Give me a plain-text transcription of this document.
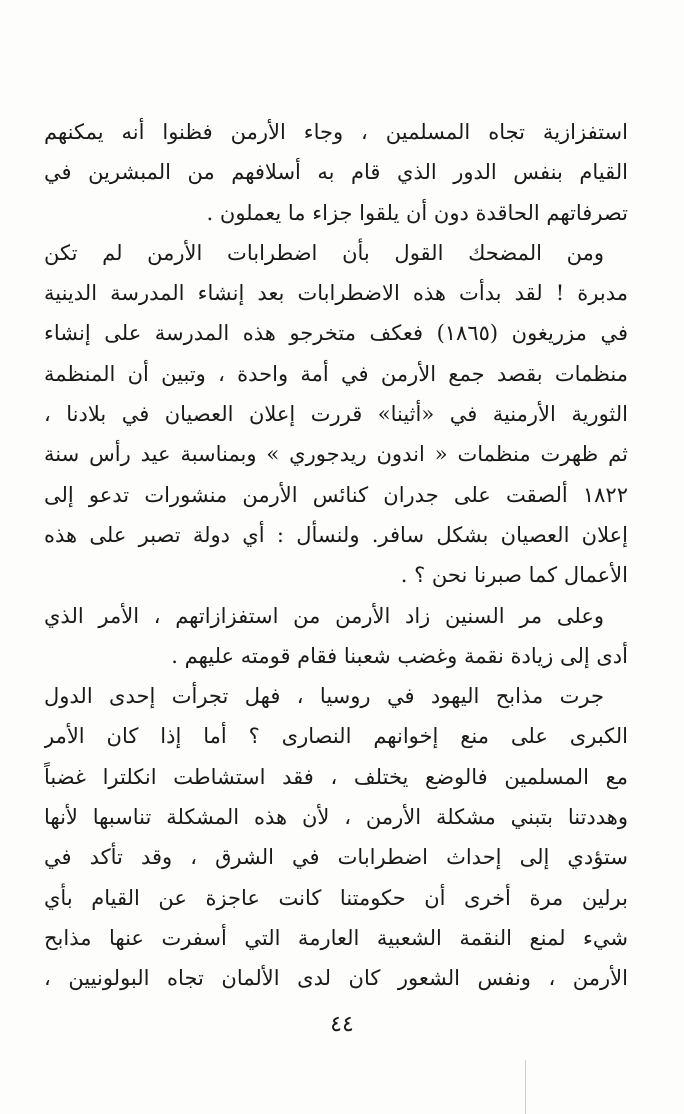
استفزازية تجاه المسلمين ، وجاء الأرمن فظنوا أنه يمكنهم
القيام بنفس الدور الذي قام به أسلافهم من المبشرين في
تصرفاتهم الحاقدة دون أن يلقوا جزاء ما يعملون .
ومن المضحك القول بأن اضطرابات الأرمن لم تكن
مدبرة ! لقد بدأت هذه الاضطرابات بعد إنشاء المدرسة الدينية
في مزريغون (١٨٦٥) فعكف متخرجو هذه المدرسة على إنشاء
منظمات بقصد جمع الأرمن في أمة واحدة ، وتبين أن المنظمة
الثورية الأرمنية في «أثينا» قررت إعلان العصيان في بلادنا ،
ثم ظهرت منظمات « اندون ريدجوري » وبمناسبة عيد رأس سنة
١٨٢٢ ألصقت على جدران كنائس الأرمن منشورات تدعو إلى
إعلان العصيان بشكل سافر. ولنسأل : أي دولة تصبر على هذه
الأعمال كما صبرنا نحن ؟ .
وعلى مر السنين زاد الأرمن من استفزازاتهم ، الأمر الذي
أدى إلى زيادة نقمة وغضب شعبنا فقام قومته عليهم .
جرت مذابح اليهود في روسيا ، فهل تجرأت إحدى الدول
الكبرى على منع إخوانهم النصارى ؟ أما إذا كان الأمر
مع المسلمين فالوضع يختلف ، فقد استشاطت انكلترا غضباً
وهددتنا بتبني مشكلة الأرمن ، لأن هذه المشكلة تناسبها لأنها
ستؤدي إلى إحداث اضطرابات في الشرق ، وقد تأكد في
برلين مرة أخرى أن حكومتنا كانت عاجزة عن القيام بأي
شيء لمنع النقمة الشعبية العارمة التي أسفرت عنها مذابح
الأرمن ، ونفس الشعور كان لدى الألمان تجاه البولونيين ،
٤٤
